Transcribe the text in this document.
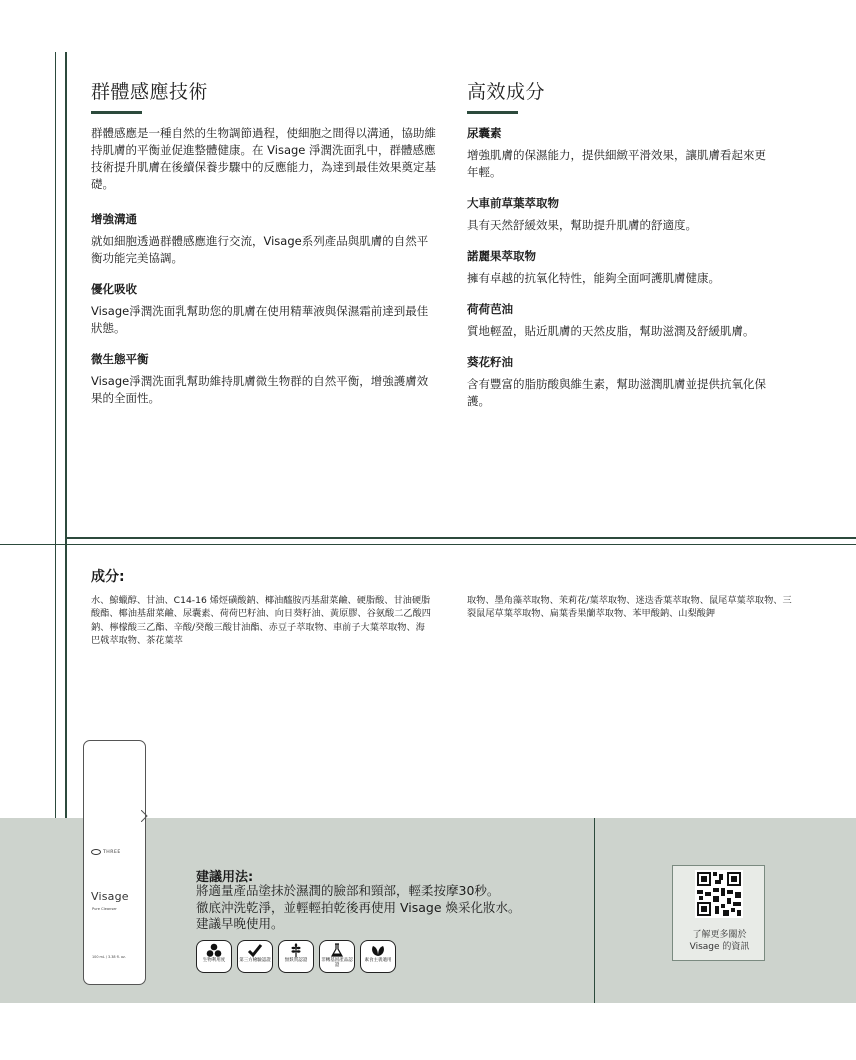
群體感應技術

群體感應是一種自然的生物調節過程，使細胞之間得以溝通，協助維持肌膚的平衡並促進整體健康。在 Visage 淨潤洗面乳中，群體感應技術提升肌膚在後續保養步驟中的反應能力，為達到最佳效果奠定基礎。

增強溝通

就如細胞透過群體感應進行交流，Visage系列產品與肌膚的自然平衡功能完美協調。

優化吸收

Visage淨潤洗面乳幫助您的肌膚在使用精華液與保濕霜前達到最佳狀態。

微生態平衡

Visage淨潤洗面乳幫助維持肌膚微生物群的自然平衡，增強護膚效果的全面性。

高效成分

尿囊素

增強肌膚的保濕能力，提供細緻平滑效果，讓肌膚看起來更年輕。

大車前草葉萃取物

具有天然舒緩效果，幫助提升肌膚的舒適度。

諾麗果萃取物

擁有卓越的抗氧化特性，能夠全面呵護肌膚健康。

荷荷芭油

質地輕盈，貼近肌膚的天然皮脂，幫助滋潤及舒緩肌膚。

葵花籽油

含有豐富的脂肪酸與維生素，幫助滋潤肌膚並提供抗氧化保護。

成分:

水、鯨蠟醇、甘油、C14-16 烯烴磺酸鈉、椰油醯胺丙基甜菜鹼、硬脂酸、甘油硬脂酸酯、椰油基甜菜鹼、尿囊素、荷荷巴籽油、向日葵籽油、黃原膠、谷氨酸二乙酸四鈉、檸檬酸三乙酯、辛酸/癸酸三酸甘油酯、赤豆子萃取物、車前子大葉萃取物、海巴戟萃取物、茶花葉萃

取物、墨角藻萃取物、茉莉花/葉萃取物、迷迭香葉萃取物、鼠尾草葉萃取物、三裂鼠尾草葉萃取物、扁葉香果蘭萃取物、苯甲酸鈉、山梨酸鉀

THREE
Visage
Pure Cleanser
100 mL / 3.38 fl. oz.
建議用法:
將適量產品塗抹於濕潤的臉部和頸部，輕柔按摩30秒。
徹底沖洗乾淨，並輕輕拍乾後再使用 Visage 煥采化妝水。
建議早晚使用。
生物利用度	第三方檢驗認證	無麩質認證	非轉基因產品認證
素食主義適用

了解更多關於
Visage 的資訊
